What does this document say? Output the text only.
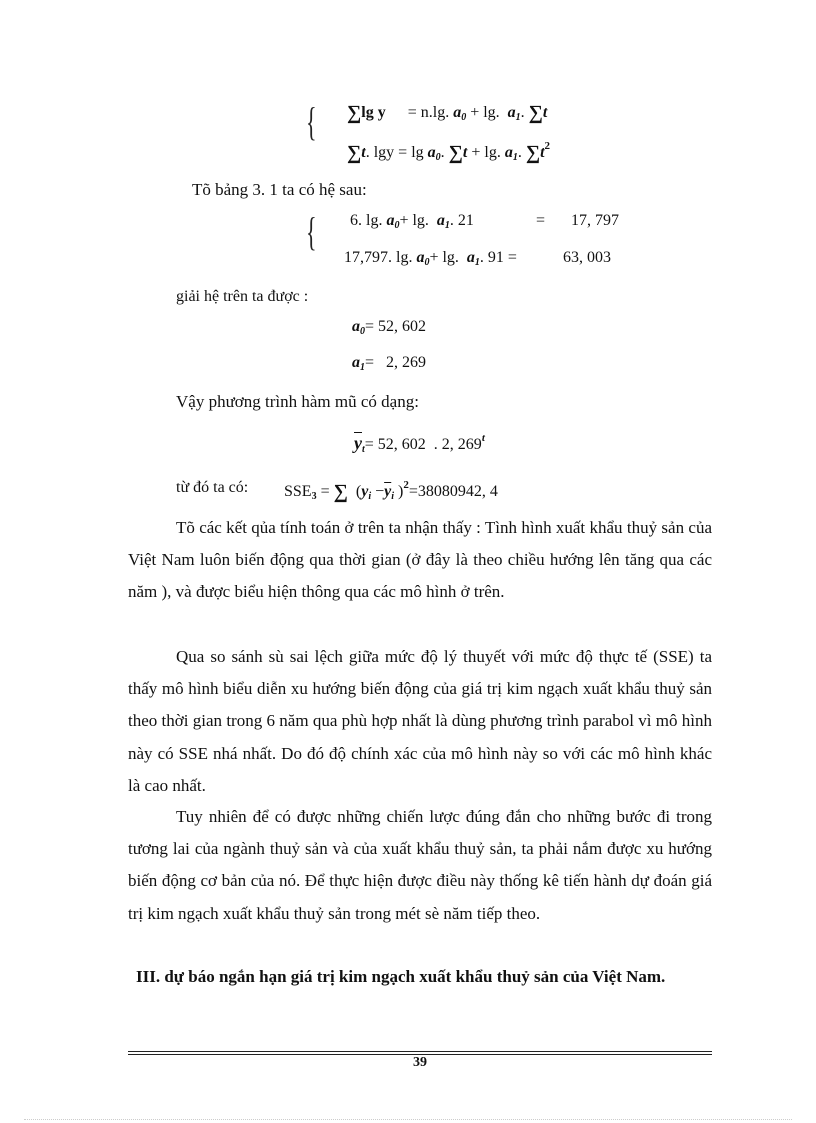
{ ∑lg y = n.lg. $a_0 + \lg$. $a_1$. ∑t
∑t. $\lg y = \lg a_0$. ∑t + lg. $a_1$. $\sum t^2$
Tõ bảng 3. 1 ta có hệ sau:
{ 6. lg. $a_0+ \lg$. $a_1$. 21	= 17, 797
17,797. lg. $a_0+ \lg$. $a_1$. 91 =	63, 003
giải hệ trên ta được :
$a_0= 52$, 602
$a_1= 2$, 269
Vậy phương trình hàm mũ có dạng:
$\overline{y}_t= 52$, 602  . 2, 269$^t$
từ đó ta có: $SSE_3$ = ∑ ($y_i -\overline{y}_i$ )$^2$=38080942, 4
Tõ các kết qủa tính toán ở trên ta nhận thấy : Tình hình xuất khẩu thuỷ sản của Việt Nam luôn biến động qua thời gian (ở đây là theo chiều hướng lên tăng qua các năm ), và được biểu hiện thông qua các mô hình ở trên.
Qua so sánh sù sai lệch giữa mức độ lý thuyết với mức độ thực tế (SSE) ta thấy mô hình biểu diễn xu hướng biến động của giá trị kim ngạch xuất khẩu thuỷ sản theo thời gian trong 6 năm qua phù hợp nhất là dùng phương trình parabol vì mô hình này có SSE nhá nhất. Do đó độ chính xác của mô hình này so với các mô hình khác là cao nhất.
Tuy nhiên để có được những chiến lược đúng đắn cho những bước đi trong tương lai của ngành thuỷ sản và của xuất khẩu thuỷ sản, ta phải nắm được xu hướng biến động cơ bản của nó. Để thực hiện được điều này thống kê tiến hành dự đoán giá trị kim ngạch xuất khẩu thuỷ sản trong mét sè năm tiếp theo.
III. dự báo ngắn hạn giá trị kim ngạch xuất khẩu thuỷ sản của Việt Nam.
39
